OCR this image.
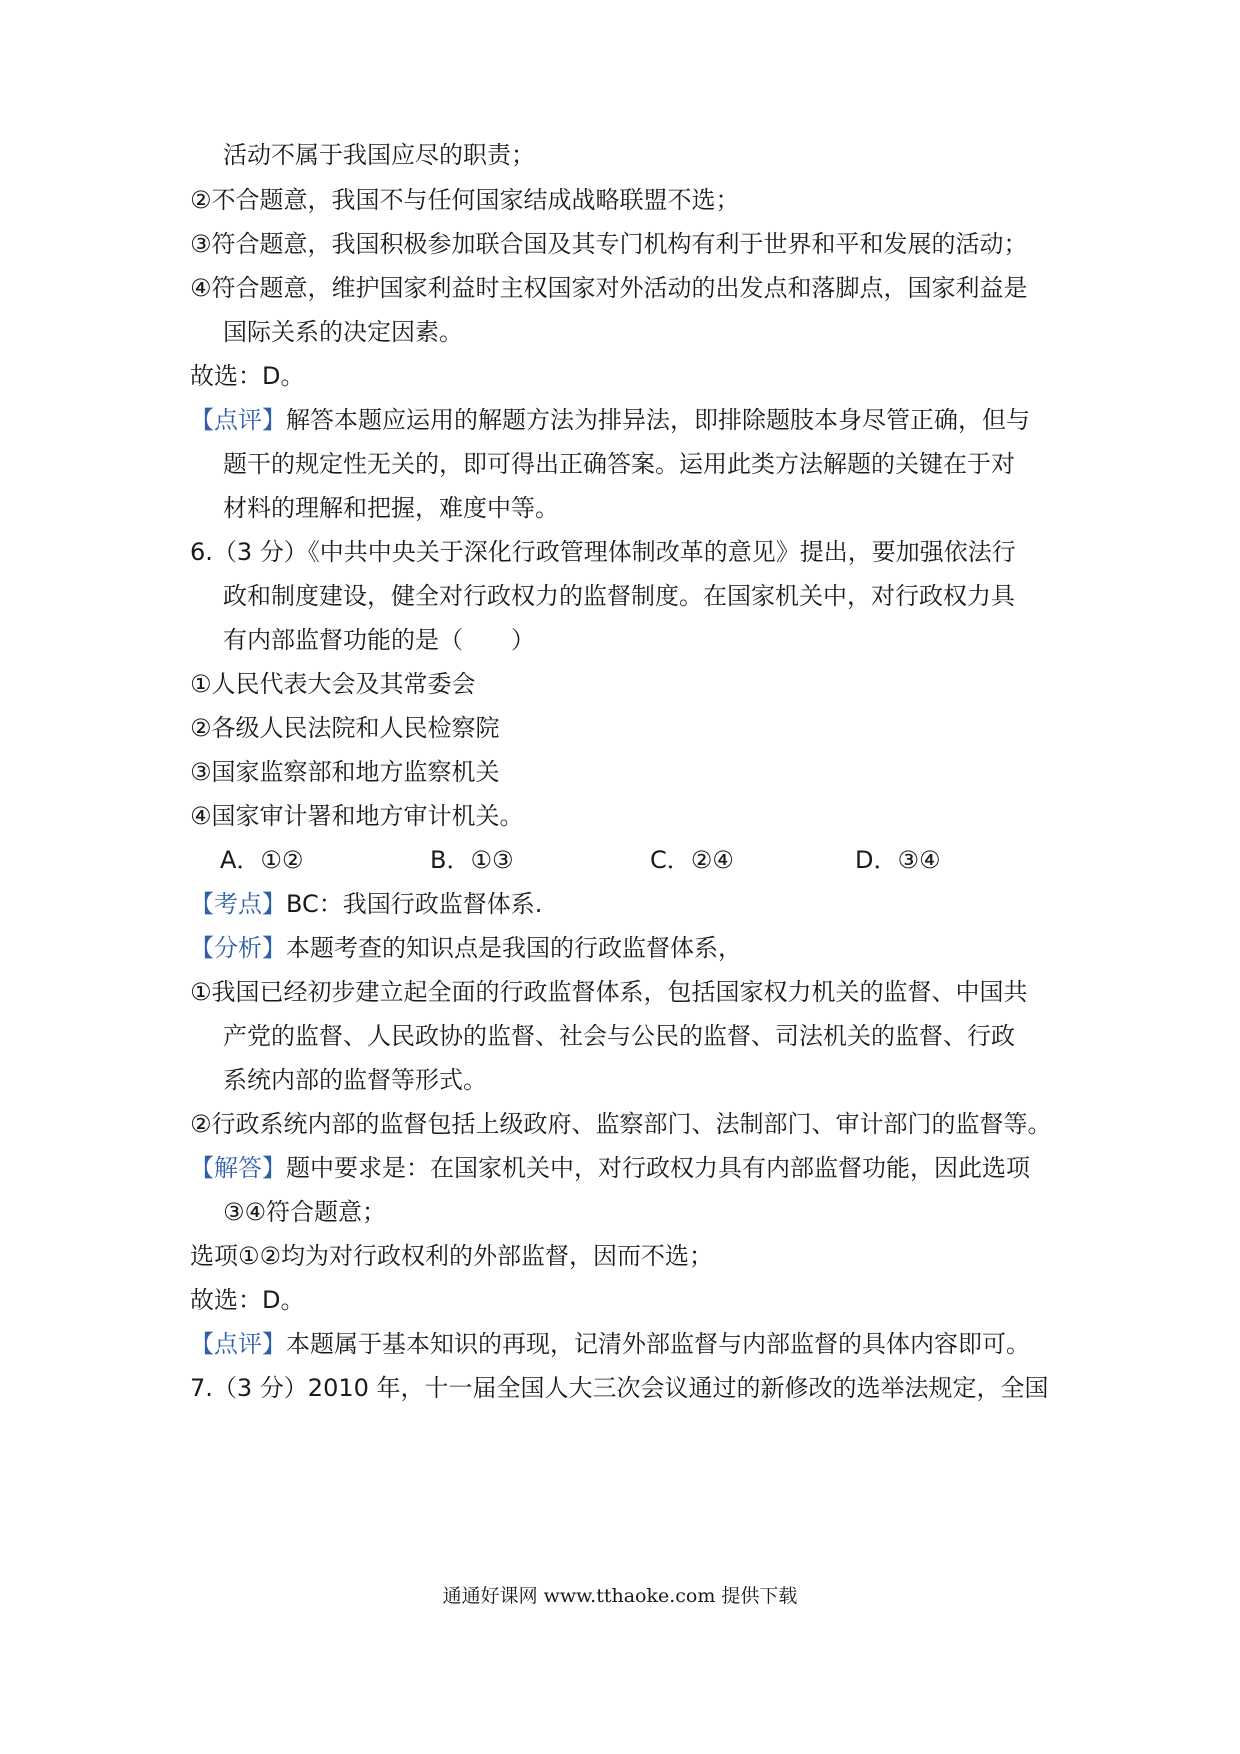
活动不属于我国应尽的职责；
②不合题意，我国不与任何国家结成战略联盟不选；
③符合题意，我国积极参加联合国及其专门机构有利于世界和平和发展的活动；
④符合题意，维护国家利益时主权国家对外活动的出发点和落脚点，国家利益是
国际关系的决定因素。
故选：D。
【点评】解答本题应运用的解题方法为排异法，即排除题肢本身尽管正确，但与
题干的规定性无关的，即可得出正确答案。运用此类方法解题的关键在于对
材料的理解和把握，难度中等。
6.（3 分）《中共中央关于深化行政管理体制改革的意见》提出，要加强依法行
政和制度建设，健全对行政权力的监督制度。在国家机关中，对行政权力具
有内部监督功能的是（　　）
①人民代表大会及其常委会
②各级人民法院和人民检察院
③国家监察部和地方监察机关
④国家审计署和地方审计机关。
A．①②	B．①③	C．②④	D．③④
【考点】BC：我国行政监督体系.
【分析】本题考查的知识点是我国的行政监督体系，
①我国已经初步建立起全面的行政监督体系，包括国家权力机关的监督、中国共
产党的监督、人民政协的监督、社会与公民的监督、司法机关的监督、行政
系统内部的监督等形式。
②行政系统内部的监督包括上级政府、监察部门、法制部门、审计部门的监督等。
【解答】题中要求是：在国家机关中，对行政权力具有内部监督功能，因此选项
③④符合题意；
选项①②均为对行政权利的外部监督，因而不选；
故选：D。
【点评】本题属于基本知识的再现，记清外部监督与内部监督的具体内容即可。
7.（3 分）2010 年，十一届全国人大三次会议通过的新修改的选举法规定，全国
通通好课网 www.tthaoke.com 提供下载
